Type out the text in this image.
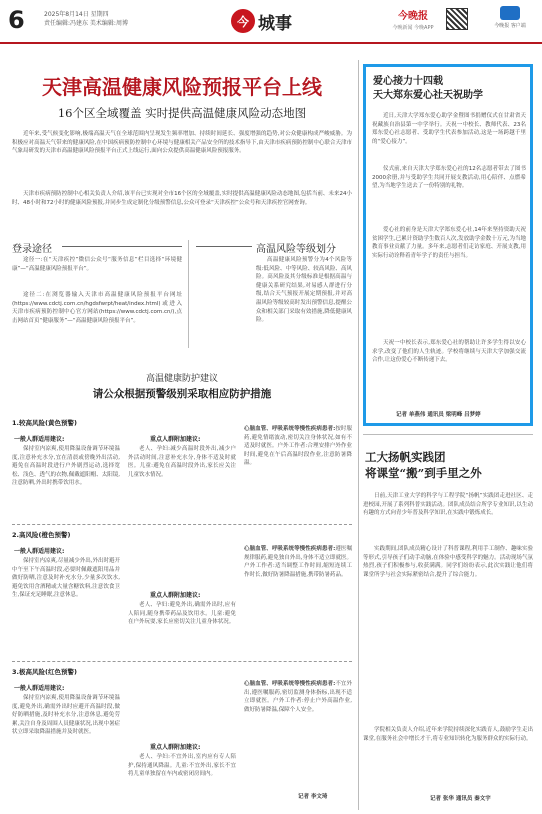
6	2025年8月14日 星期四
责任编辑:冯建东 美术编辑:周博	今 城事	今晚报
今晚新闻 今晚APP	今晚报 客户端
天津高温健康风险预报平台上线
16个区全域覆盖 实时提供高温健康风险动态地图
近年来,受气候变化影响,极端高温天气在全球范围内呈现发生频率增加、持续时间延长、强度增强的趋势,对公众健康构成严峻威胁。为积极应对高温天气带来的健康风险,在中国疾病预防控制中心环境与健康相关产品安全所的技术指导下,由天津市疾病预防控制中心联合天津市气象局研发的天津市高温健康风险预报平台正式上线运行,面向公众提供高温健康风险预报服务。
天津市疾病预防控制中心相关负责人介绍,该平台已实现对全市16个区的全域覆盖,实时提供高温健康风险动态地图,包括当前、未来24小时、48小时和72小时的健康风险预报,并同步生成定制化分级预警信息,公众可登录“天津疾控”公众号和天津疾控官网查询。
登录途径
途径一:在“天津疾控”微信公众号“服务信息”栏目选择“环境健康”—“高温健康风险预报平台”。
途径二:在浏览器输入天津市高温健康风险预报平台网址(https://www.cdctj.com.cn/hgdsfwrpt/heat/index.html)或进入天津市疾病预防控制中心官方网站(https://www.cdctj.com.cn/),点击网站首页“健康服务”—“高温健康风险预报平台”。
高温风险等级划分
高温健康风险预警分为4个风险等级:低风险、中等风险、较高风险、高风险。高风险及其分级标准是根据高温与健康关系研究结果,对易感人群进行分级,结合天气预报开展定期预报,并对高温风险等级较高时发出预警信息,提醒公众和相关部门采取有效措施,降低健康风险。
高温健康防护建议
请公众根据预警级别采取相应防护措施
1.较高风险(黄色预警)
一般人群适用建议:
保持室内凉爽,使用降温设备调节环境温度,注意补充水分,宜在清晨或傍晚外出活动,避免在高温时段进行户外剧烈运动,选择宽松、浅色、透气的衣物,佩戴遮阳帽、太阳镜,注意防晒,外出时携带饮用水。
重点人群附加建议:
老人、孕妇:减少高温时段外出,减少户外活动时间,注意补充水分,身体不适及时就医。儿童:避免在高温时段外出,家长应关注儿童饮水情况。
心脑血管、呼吸系统等慢性疾病患者:按时服药,避免情绪波动,密切关注身体状况,如有不适及时就医。户外工作者:合理安排户外作业时间,避免在午后高温时段作业,注意防暑降温。
2.高风险(橙色预警)
一般人群适用建议:
保持室内凉爽,尽量减少外出,外出时避开中午至下午高温时段,必要时佩戴遮阳用品并做好防晒,注意及时补充水分,少量多次饮水,避免饮用含酒精或大量含糖饮料,注意饮食卫生,保证充足睡眠,注意休息。	重点人群附加建议:
老人、孕妇:避免外出,确需外出时,应有人陪同,随身携带药品及饮用水。儿童:避免在户外玩耍,家长应密切关注儿童身体状况。
心脑血管、呼吸系统等慢性疾病患者:遵医嘱规律服药,避免独自外出,身体不适立即就医。户外工作者:适当调整工作时间,缩短连续工作时长,做好防暑降温措施,携带防暑药品。
3.极高风险(红色预警)
一般人群适用建议:
保持室内凉爽,使用降温设备调节环境温度,避免外出,确需外出时应避开高温时段,做好防晒措施,及时补充水分,注意休息,避免劳累,关注自身及周围人员健康状况,出现中暑症状立即采取降温措施并及时就医。
重点人群附加建议:
老人、孕妇:不宜外出,室内应有专人陪护,保持通风降温。儿童:不宜外出,家长不宜将儿童单独留在车内或密闭房间内。
心脑血管、呼吸系统等慢性疾病患者:不宜外出,遵医嘱服药,密切监测身体指标,出现不适立即就医。户外工作者:停止户外高温作业,做好防暑降温,保障个人安全。
记者 李文琦
爱心接力十四载
天大郑东爱心社天祝助学
近日,天津大学郑东爱心助学金暨图书捐赠仪式在甘肃省天祝藏族自治县第一中学举行。天祝一中校长、教师代表、23名郑东爱心社志愿者、受助学生代表参加活动,这是一场跨越千里的“爱心接力”。
仪式前,来自天津大学郑东爱心社的12名志愿者带去了图书2000余册,并与受助学生共同开展支教活动,用心陪伴、点燃希望,为当地学生送去了一份特别的礼物。
爱心社的前身是天津大学郑东爱心社,14年来坚持资助天祝贫困学生,已累计资助学生数百人次,发放助学金数十万元,为当地教育事业贡献了力量。多年来,志愿者们走访家庭、开展支教,用实际行动诠释着青年学子的责任与担当。
天祝一中校长表示,郑东爱心社的帮助让许多学生得以安心求学,改变了他们的人生轨迹。学校将继续与天津大学加强交流合作,让这份爱心不断传递下去。
记者 单燕伟 通讯员 梁明峰 吕梦婷
工大扬帆实践团
将课堂“搬”到手里之外
日前,天津工业大学的科学与工程学院“扬帆”实践团走进社区、走进校园,开展了系列科普实践活动。团队成员结合所学专业知识,以生动有趣的方式向青少年普及科学知识,在实践中锻炼成长。
实践期间,团队成员精心设计了科普课程,利用手工制作、趣味实验等形式,引导孩子们动手动脑,在体验中感受科学的魅力。活动现场气氛热烈,孩子们积极参与,收获满满。同学们纷纷表示,此次实践让他们将课堂所学与社会实际紧密结合,提升了综合能力。
学院相关负责人介绍,近年来学院持续深化实践育人,鼓励学生走出课堂,在服务社会中增长才干,将专业知识转化为服务群众的实际行动。
记者 张华 通讯员 秦文宇
